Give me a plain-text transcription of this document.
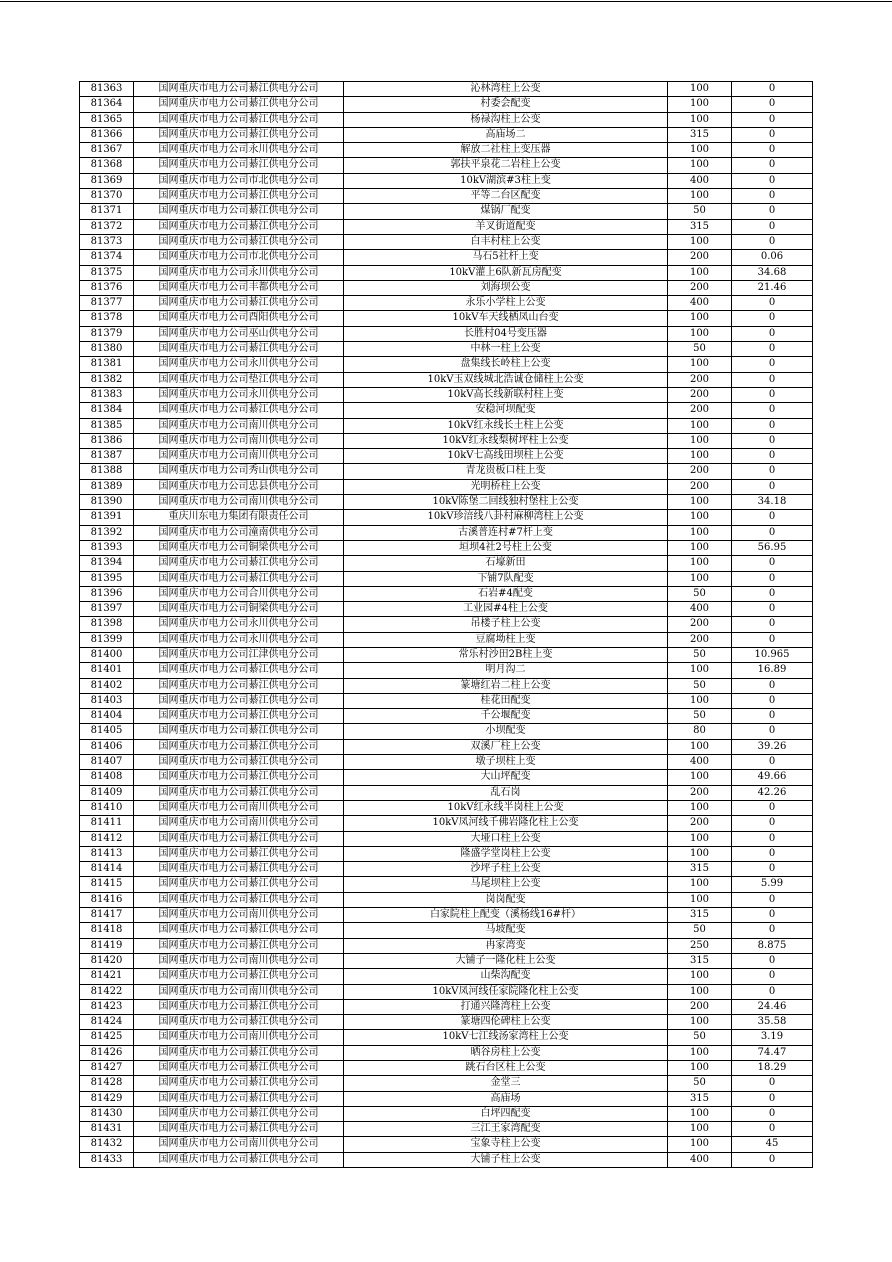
81363	国网重庆市电力公司綦江供电分公司	沁林湾柱上公变	100	0
81364	国网重庆市电力公司綦江供电分公司	村委会配变	100	0
81365	国网重庆市电力公司綦江供电分公司	杨禄沟柱上公变	100	0
81366	国网重庆市电力公司綦江供电分公司	高庙场二	315	0
81367	国网重庆市电力公司永川供电分公司	解放二社柱上变压器	100	0
81368	国网重庆市电力公司綦江供电分公司	郭扶平泉花二岩柱上公变	100	0
81369	国网重庆市电力公司市北供电分公司	10kV湖滨#3柱上变	400	0
81370	国网重庆市电力公司綦江供电分公司	平等二台区配变	100	0
81371	国网重庆市电力公司綦江供电分公司	煤锅厂配变	50	0
81372	国网重庆市电力公司綦江供电分公司	羊叉街道配变	315	0
81373	国网重庆市电力公司綦江供电分公司	白丰村柱上公变	100	0
81374	国网重庆市电力公司市北供电分公司	马石5社杆上变	200	0.06
81375	国网重庆市电力公司永川供电分公司	10kV灌上6队新瓦房配变	100	34.68
81376	国网重庆市电力公司丰都供电分公司	刘海坝公变	200	21.46
81377	国网重庆市电力公司綦江供电分公司	永乐小学柱上公变	400	0
81378	国网重庆市电力公司酉阳供电分公司	10kV车天线栖凤山台变	100	0
81379	国网重庆市电力公司巫山供电分公司	长胜村04号变压器	100	0
81380	国网重庆市电力公司綦江供电分公司	中林一柱上公变	50	0
81381	国网重庆市电力公司永川供电分公司	盘集线长岭柱上公变	100	0
81382	国网重庆市电力公司垫江供电分公司	10kV玉双线城北浩诚仓储柱上公变	200	0
81383	国网重庆市电力公司永川供电分公司	10kV高长线新联村柱上变	200	0
81384	国网重庆市电力公司綦江供电分公司	安稳河坝配变	200	0
81385	国网重庆市电力公司南川供电分公司	10kV红永线长土柱上公变	100	0
81386	国网重庆市电力公司南川供电分公司	10kV红永线梨树坪柱上公变	100	0
81387	国网重庆市电力公司南川供电分公司	10kV七高线田坝柱上公变	100	0
81388	国网重庆市电力公司秀山供电分公司	青龙贵板口柱上变	200	0
81389	国网重庆市电力公司忠县供电分公司	光明桥柱上公变	200	0
81390	国网重庆市电力公司南川供电分公司	10kV陈堡二回线独村堡柱上公变	100	34.18
81391	重庆川东电力集团有限责任公司	10kV珍涪线八卦村麻柳湾柱上公变	100	0
81392	国网重庆市电力公司潼南供电分公司	古溪普连村#7杆上变	100	0
81393	国网重庆市电力公司铜梁供电分公司	垣坝4社2号柱上公变	100	56.95
81394	国网重庆市电力公司綦江供电分公司	石壕新田	100	0
81395	国网重庆市电力公司綦江供电分公司	下铺7队配变	100	0
81396	国网重庆市电力公司合川供电分公司	石岩#4配变	50	0
81397	国网重庆市电力公司铜梁供电分公司	工业园#4柱上公变	400	0
81398	国网重庆市电力公司永川供电分公司	吊楼子柱上公变	200	0
81399	国网重庆市电力公司永川供电分公司	豆腐坳柱上变	200	0
81400	国网重庆市电力公司江津供电分公司	常乐村沙田2B柱上变	50	10.965
81401	国网重庆市电力公司綦江供电分公司	明月沟二	100	16.89
81402	国网重庆市电力公司綦江供电分公司	篆塘红岩二柱上公变	50	0
81403	国网重庆市电力公司綦江供电分公司	桂花田配变	100	0
81404	国网重庆市电力公司綦江供电分公司	千公堰配变	50	0
81405	国网重庆市电力公司綦江供电分公司	小坝配变	80	0
81406	国网重庆市电力公司綦江供电分公司	双溪厂柱上公变	100	39.26
81407	国网重庆市电力公司綦江供电分公司	墩子坝柱上变	400	0
81408	国网重庆市电力公司綦江供电分公司	大山坪配变	100	49.66
81409	国网重庆市电力公司綦江供电分公司	乱石岗	200	42.26
81410	国网重庆市电力公司南川供电分公司	10kV红永线半岗柱上公变	100	0
81411	国网重庆市电力公司南川供电分公司	10kV凤河线千佛岩隆化柱上公变	200	0
81412	国网重庆市电力公司綦江供电分公司	大垭口柱上公变	100	0
81413	国网重庆市电力公司綦江供电分公司	隆盛学堂岗柱上公变	100	0
81414	国网重庆市电力公司綦江供电分公司	沙坪子柱上公变	315	0
81415	国网重庆市电力公司綦江供电分公司	马尾坝柱上公变	100	5.99
81416	国网重庆市电力公司綦江供电分公司	岗岗配变	100	0
81417	国网重庆市电力公司南川供电分公司	白家院柱上配变（溪杨线16#杆）	315	0
81418	国网重庆市电力公司綦江供电分公司	马坡配变	50	0
81419	国网重庆市电力公司綦江供电分公司	冉家湾变	250	8.875
81420	国网重庆市电力公司南川供电分公司	大铺子一隆化柱上公变	315	0
81421	国网重庆市电力公司綦江供电分公司	山柴沟配变	100	0
81422	国网重庆市电力公司南川供电分公司	10kV凤河线任家院隆化柱上公变	100	0
81423	国网重庆市电力公司綦江供电分公司	打通兴隆湾柱上公变	200	24.46
81424	国网重庆市电力公司綦江供电分公司	篆塘四伦碑柱上公变	100	35.58
81425	国网重庆市电力公司南川供电分公司	10kV七江线汤家湾柱上公变	50	3.19
81426	国网重庆市电力公司綦江供电分公司	晒谷房柱上公变	100	74.47
81427	国网重庆市电力公司綦江供电分公司	跳石台区柱上公变	100	18.29
81428	国网重庆市电力公司綦江供电分公司	金堂三	50	0
81429	国网重庆市电力公司綦江供电分公司	高庙场	315	0
81430	国网重庆市电力公司綦江供电分公司	白坪四配变	100	0
81431	国网重庆市电力公司綦江供电分公司	三江王家湾配变	100	0
81432	国网重庆市电力公司南川供电分公司	宝象寺柱上公变	100	45
81433	国网重庆市电力公司綦江供电分公司	大铺子柱上公变	400	0
